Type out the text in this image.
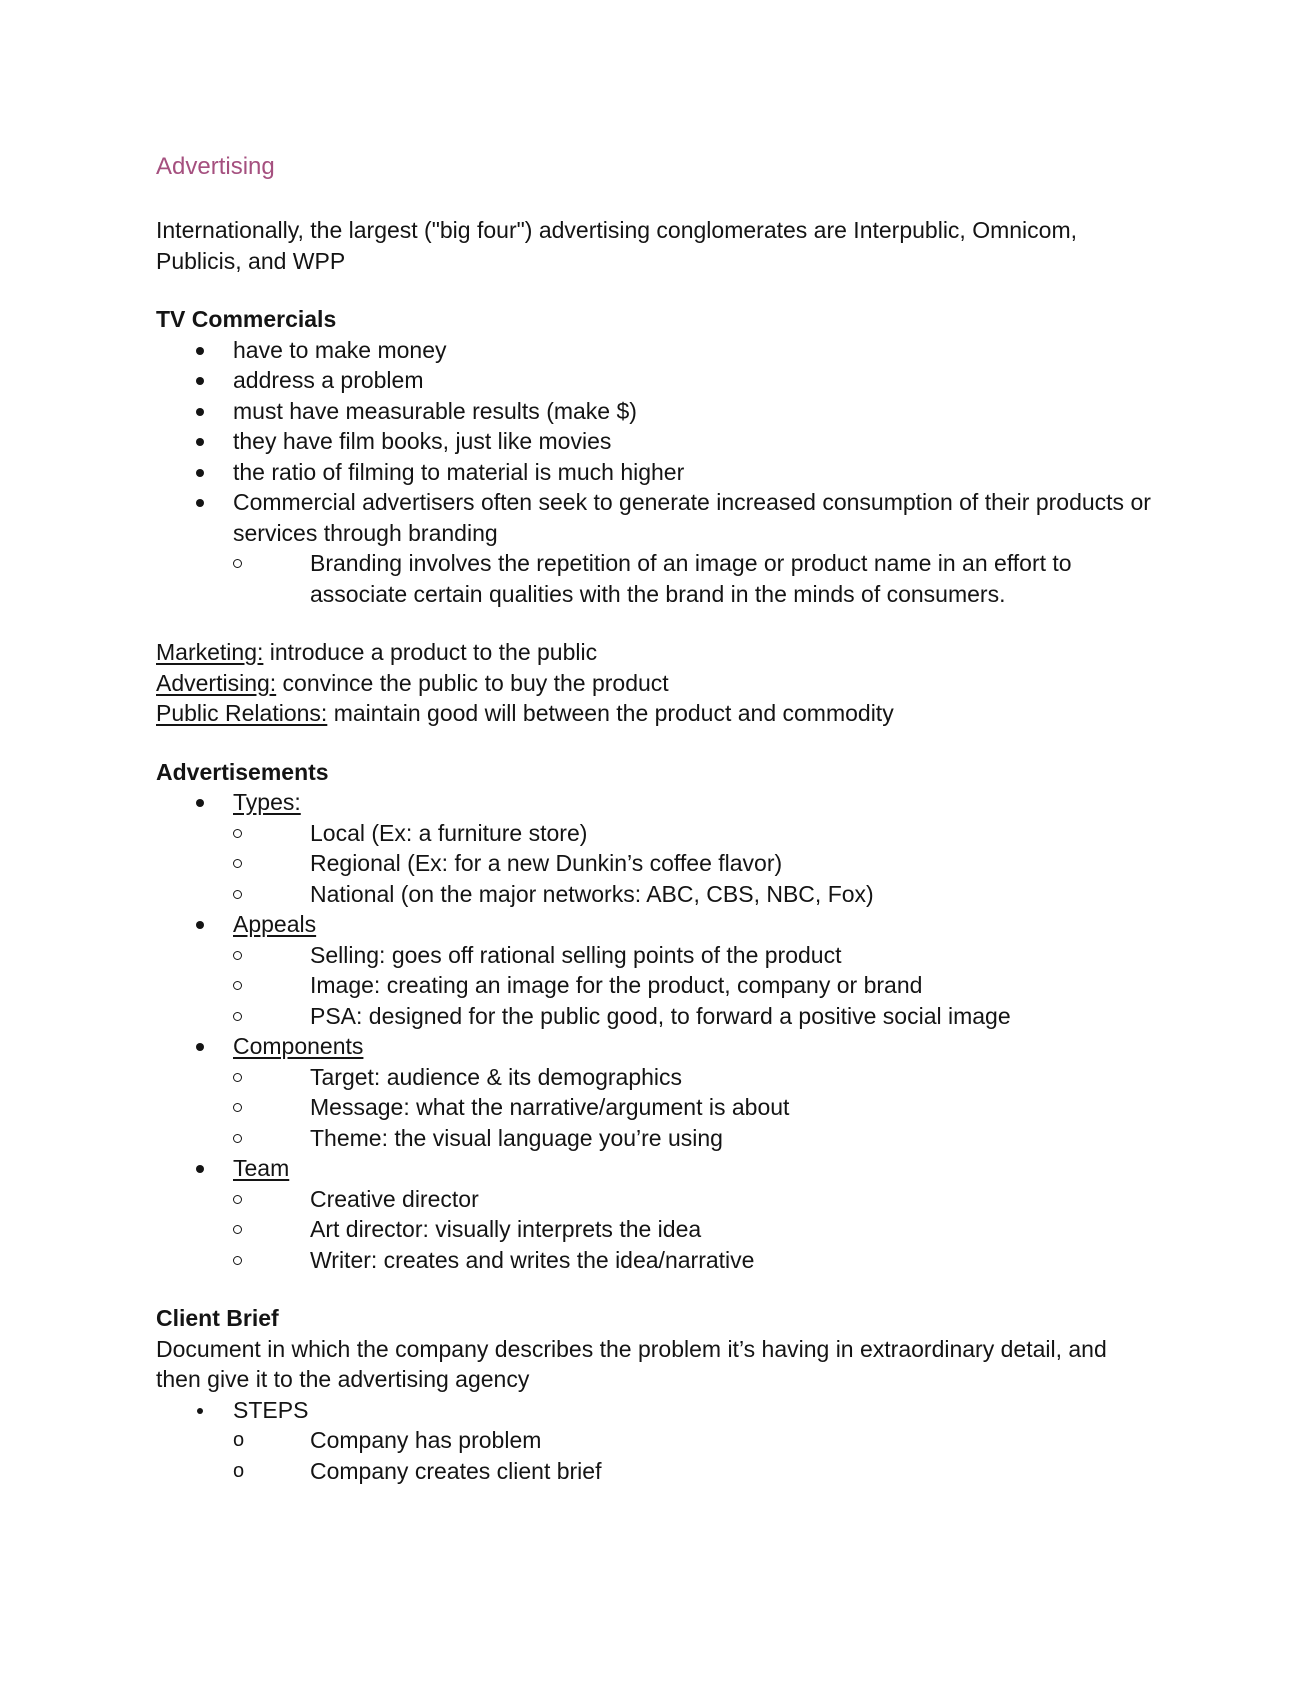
Advertising

Internationally, the largest ("big four") advertising conglomerates are Interpublic, Omnicom, Publicis, and WPP

TV Commercials
have to make money
address a problem
must have measurable results (make $)
they have film books, just like movies
the ratio of filming to material is much higher
Commercial advertisers often seek to generate increased consumption of their products or services through branding
Branding involves the repetition of an image or product name in an effort to associate certain qualities with the brand in the minds of consumers.

Marketing: introduce a product to the public

Advertising: convince the public to buy the product

Public Relations: maintain good will between the product and commodity

Advertisements
Types:
Local (Ex: a furniture store)
Regional (Ex: for a new Dunkin’s coffee flavor)
National (on the major networks: ABC, CBS, NBC, Fox)
Appeals
Selling: goes off rational selling points of the product
Image: creating an image for the product, company or brand
PSA: designed for the public good, to forward a positive social image
Components
Target: audience & its demographics
Message: what the narrative/argument is about
Theme: the visual language you’re using
Team
Creative director
Art director: visually interprets the idea
Writer: creates and writes the idea/narrative
Client Brief

Document in which the company describes the problem it’s having in extraordinary detail, and then give it to the advertising agency

STEPS
o	Company has problem
o	Company creates client brief
